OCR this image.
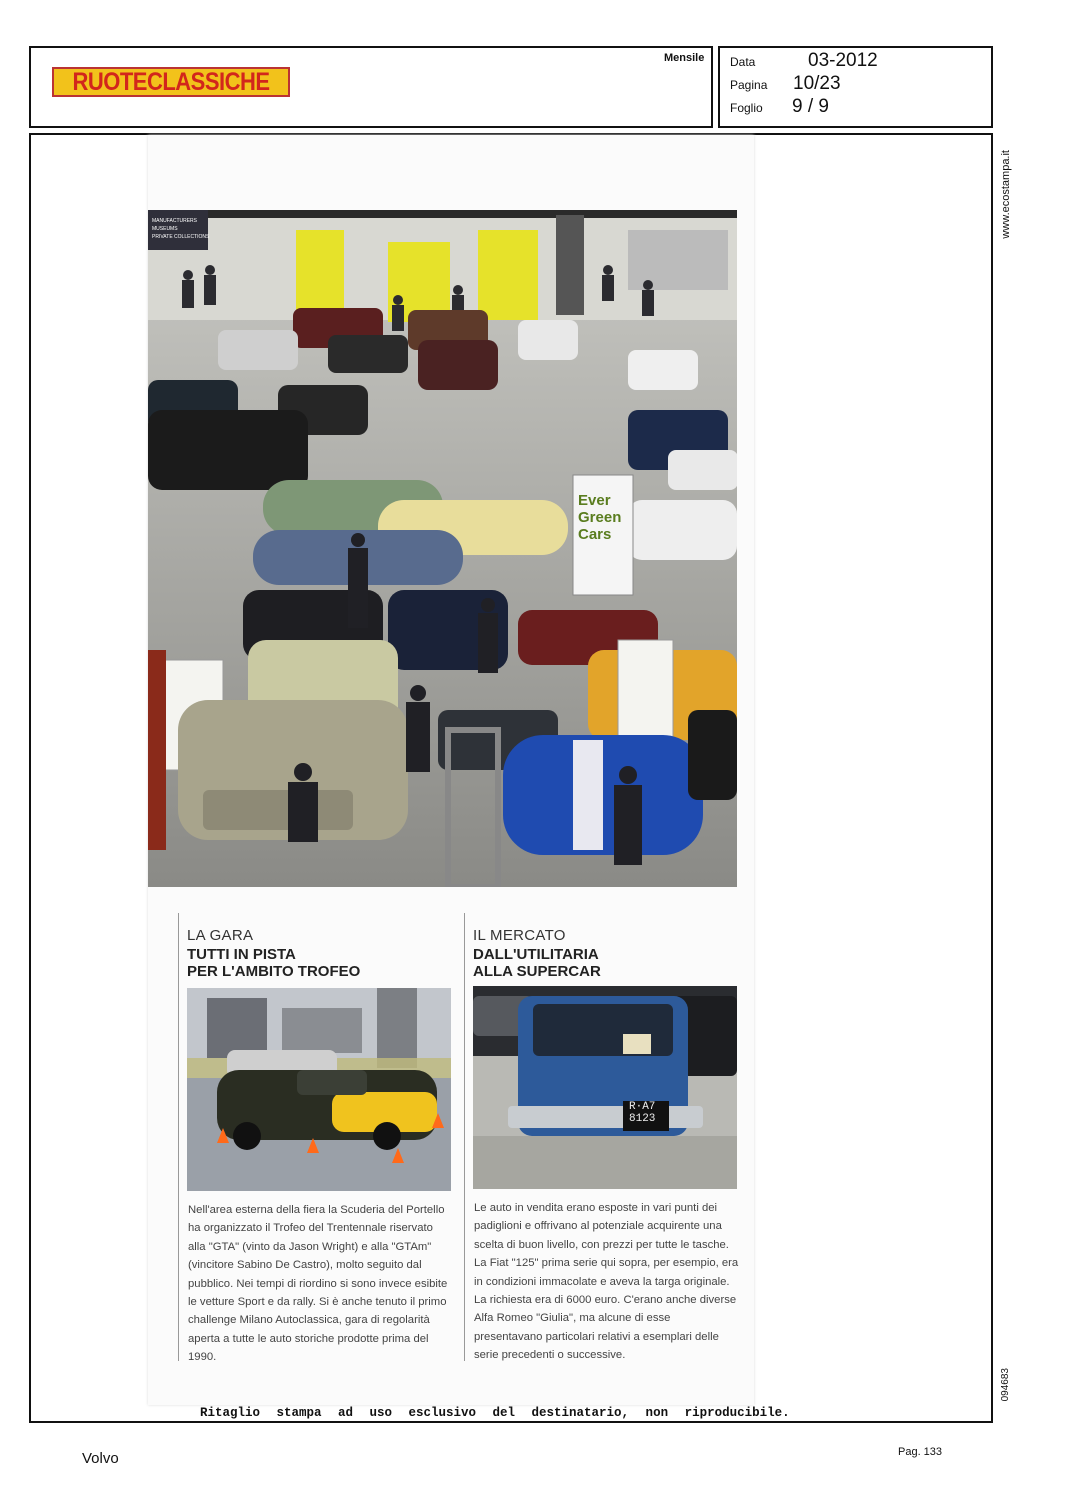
RUOTECLASSICHE
Mensile Data	03-2012
Pagina 10/23
Foglio 9 / 9
www.ecostampa.it
094683
MANUFACTURERS
MUSEUMS
PRIVATE COLLECTIONS
Ever
Green
Cars
LA GARA
TUTTI IN PISTA
PER L'AMBITO TROFEO
Nell'area esterna della fiera la Scuderia del Portello ha organizzato il Trofeo del Trentennale riservato alla "GTA" (vinto da Jason Wright) e alla "GTAm" (vincitore Sabino De Castro), molto seguito dal pubblico. Nei tempi di riordino si sono invece esibite le vetture Sport e da rally. Si è anche tenuto il primo challenge Milano Autoclassica, gara di regolarità aperta a tutte le auto storiche prodotte prima del 1990.
IL MERCATO
DALL'UTILITARIA
ALLA SUPERCAR
R·A7
8123
Le auto in vendita erano esposte in vari punti dei padiglioni e offrivano al potenziale acquirente una scelta di buon livello, con prezzi per tutte le tasche. La Fiat "125" prima serie qui sopra, per esempio, era in condizioni immacolate e aveva la targa originale. La richiesta era di 6000 euro. C'erano anche diverse Alfa Romeo "Giulia", ma alcune di esse presentavano particolari relativi a esemplari delle serie precedenti o successive.
Ritaglio stampa ad uso esclusivo del destinatario, non riproducibile.
Volvo	Pag. 133
